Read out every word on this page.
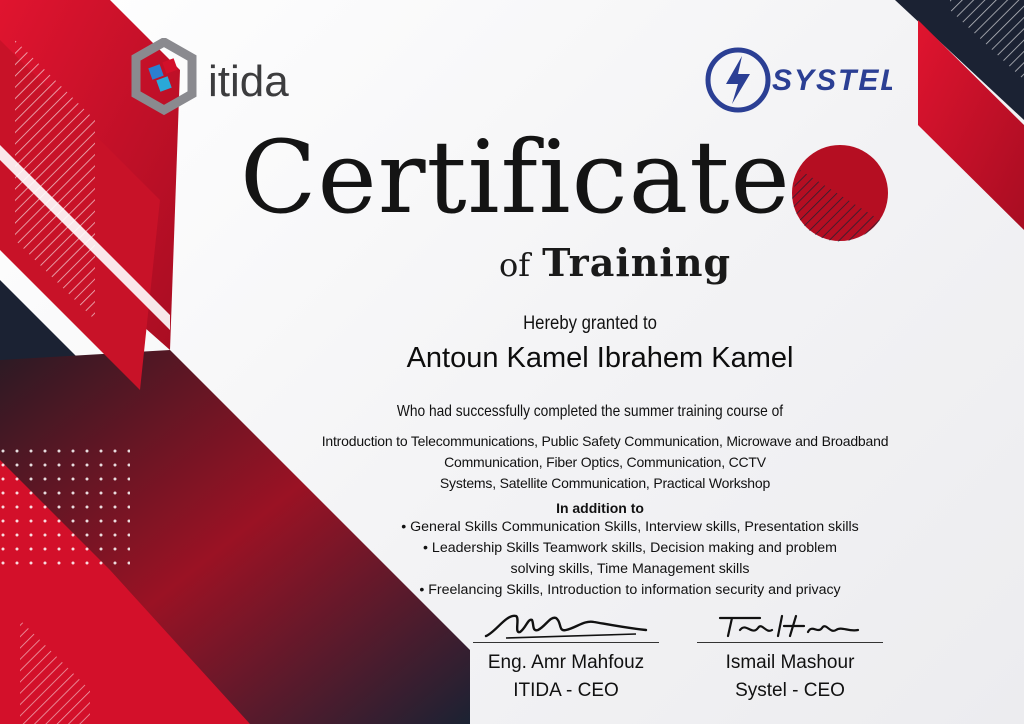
itida	SYSTEL
Certificate
of Training
Hereby granted to
Antoun Kamel Ibrahem Kamel
Who had successfully completed the summer training course of
Introduction to Telecommunications, Public Safety Communication, Microwave and Broadband
Communication, Fiber Optics, Communication, CCTV
Systems, Satellite Communication, Practical Workshop
In addition to
• General Skills Communication Skills, Interview skills, Presentation skills
• Leadership Skills Teamwork skills, Decision making and problem
solving skills, Time Management skills
• Freelancing Skills, Introduction to information security and privacy
Eng. Amr Mahfouz
ITIDA - CEO
Ismail Mashour
Systel - CEO
